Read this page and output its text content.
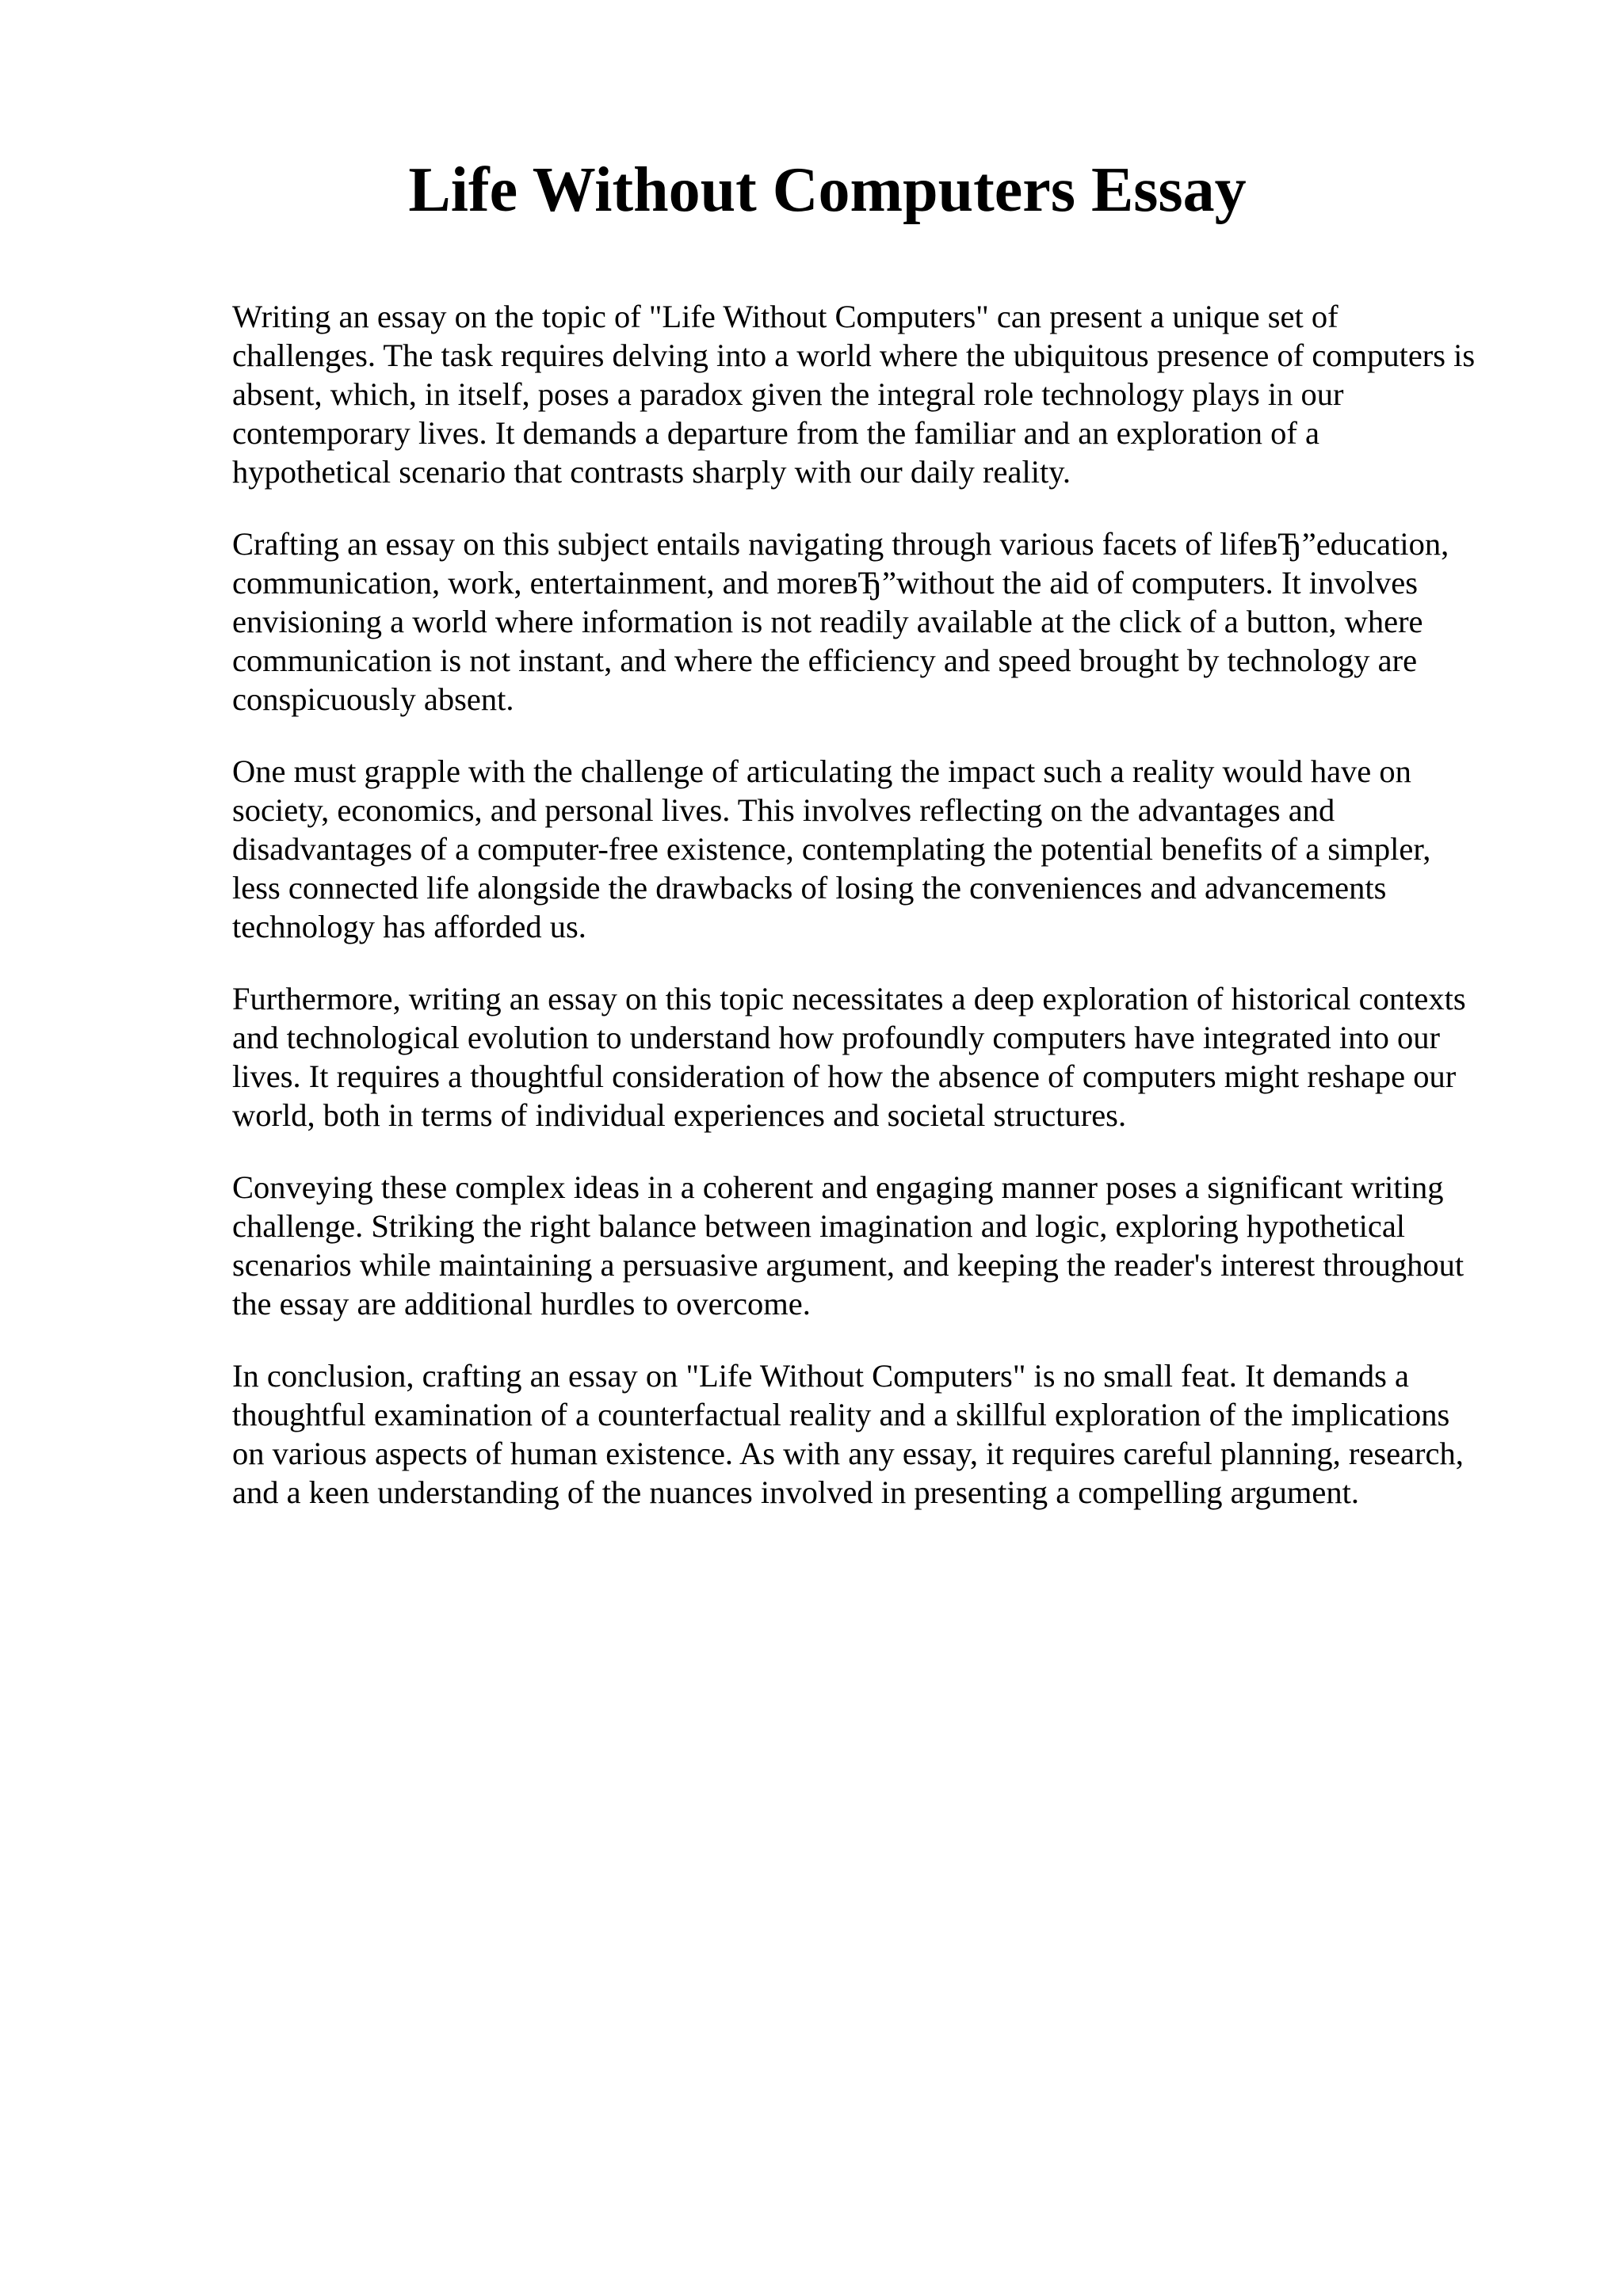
Life Without Computers Essay

Writing an essay on the topic of "Life Without Computers" can present a unique set of
challenges. The task requires delving into a world where the ubiquitous presence of computers is
absent, which, in itself, poses a paradox given the integral role technology plays in our
contemporary lives. It demands a departure from the familiar and an exploration of a
hypothetical scenario that contrasts sharply with our daily reality.

Crafting an essay on this subject entails navigating through various facets of lifeвЂ”education,
communication, work, entertainment, and moreвЂ”without the aid of computers. It involves
envisioning a world where information is not readily available at the click of a button, where
communication is not instant, and where the efficiency and speed brought by technology are
conspicuously absent.

One must grapple with the challenge of articulating the impact such a reality would have on
society, economics, and personal lives. This involves reflecting on the advantages and
disadvantages of a computer-free existence, contemplating the potential benefits of a simpler,
less connected life alongside the drawbacks of losing the conveniences and advancements
technology has afforded us.

Furthermore, writing an essay on this topic necessitates a deep exploration of historical contexts
and technological evolution to understand how profoundly computers have integrated into our
lives. It requires a thoughtful consideration of how the absence of computers might reshape our
world, both in terms of individual experiences and societal structures.

Conveying these complex ideas in a coherent and engaging manner poses a significant writing
challenge. Striking the right balance between imagination and logic, exploring hypothetical
scenarios while maintaining a persuasive argument, and keeping the reader's interest throughout
the essay are additional hurdles to overcome.

In conclusion, crafting an essay on "Life Without Computers" is no small feat. It demands a
thoughtful examination of a counterfactual reality and a skillful exploration of the implications
on various aspects of human existence. As with any essay, it requires careful planning, research,
and a keen understanding of the nuances involved in presenting a compelling argument.
